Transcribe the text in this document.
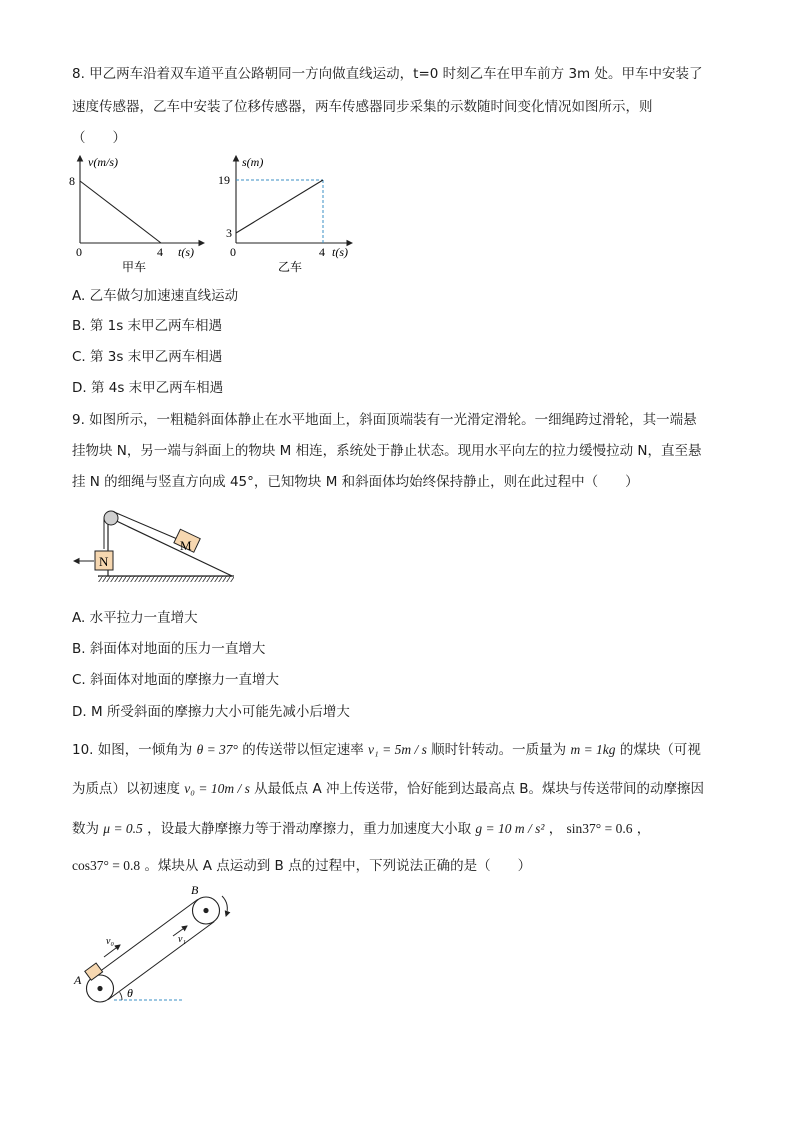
8. 甲乙两车沿着双车道平直公路朝同一方向做直线运动，t=0 时刻乙车在甲车前方 3m 处。甲车中安装了
速度传感器，乙车中安装了位移传感器，两车传感器同步采集的示数随时间变化情况如图所示，则
（　　）
v(m/s)
8
0	4 t(s)
甲车
s(m)
19
3
0	4 t(s)
乙车
A. 乙车做匀加速速直线运动
B. 第 1s 末甲乙两车相遇
C. 第 3s 末甲乙两车相遇
D. 第 4s 末甲乙两车相遇
9. 如图所示，一粗糙斜面体静止在水平地面上，斜面顶端装有一光滑定滑轮。一细绳跨过滑轮，其一端悬
挂物块 N，另一端与斜面上的物块 M 相连，系统处于静止状态。现用水平向左的拉力缓慢拉动 N，直至悬
挂 N 的细绳与竖直方向成 45°，已知物块 M 和斜面体均始终保持静止，则在此过程中（　　）
M
N
A. 水平拉力一直增大
B. 斜面体对地面的压力一直增大
C. 斜面体对地面的摩擦力一直增大
D. M 所受斜面的摩擦力大小可能先减小后增大
10. 如图，一倾角为 θ = 37° 的传送带以恒定速率 v₁ = 5m / s 顺时针转动。一质量为 m = 1kg 的煤块（可视
为质点）以初速度 v₀ = 10m / s 从最低点 A 冲上传送带，恰好能到达最高点 B。煤块与传送带间的动摩擦因
数为 μ = 0.5 ，设最大静摩擦力等于滑动摩擦力，重力加速度大小取 g = 10 m / s² ， sin37° = 0.6 ，
cos37° = 0.8 。煤块从 A 点运动到 B 点的过程中，下列说法正确的是（　　）
v₀	v₁
A
B
θ
